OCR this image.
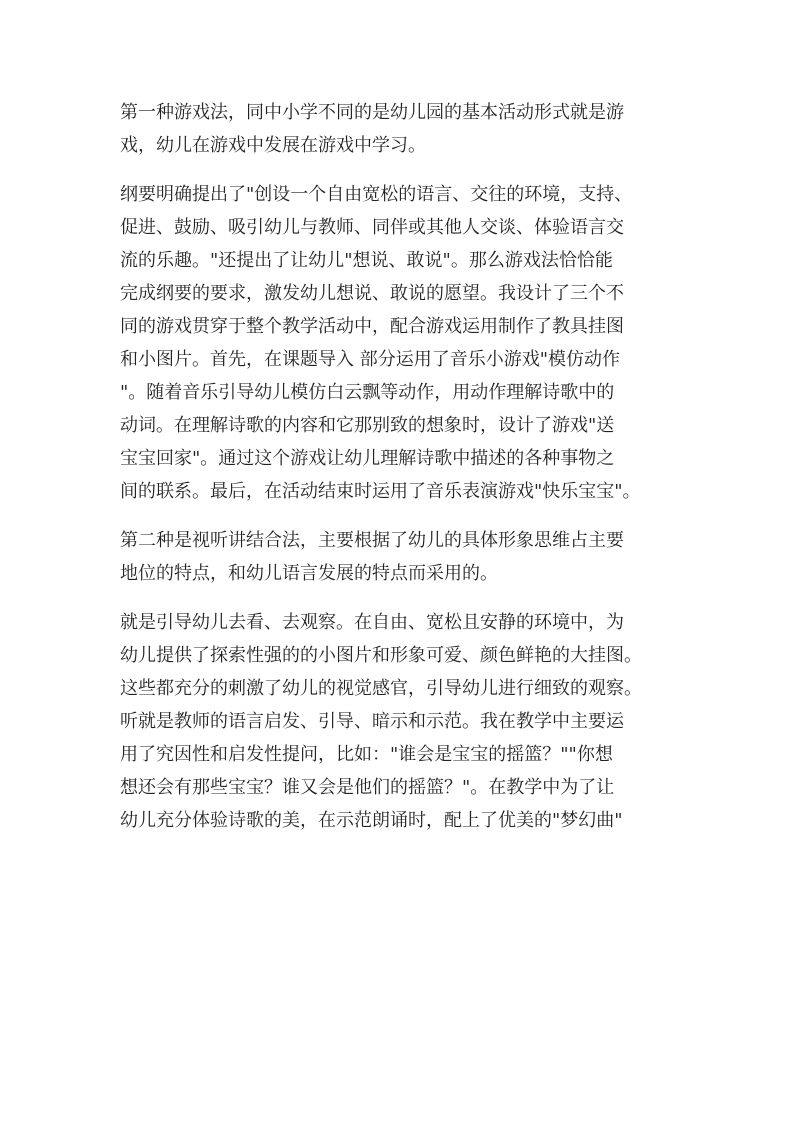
第一种游戏法，同中小学不同的是幼儿园的基本活动形式就是游
戏，幼儿在游戏中发展在游戏中学习。

纲要明确提出了"创设一个自由宽松的语言、交往的环境，支持、
促进、鼓励、吸引幼儿与教师、同伴或其他人交谈、体验语言交
流的乐趣。"还提出了让幼儿"想说、敢说"。那么游戏法恰恰能
完成纲要的要求，激发幼儿想说、敢说的愿望。我设计了三个不
同的游戏贯穿于整个教学活动中，配合游戏运用制作了教具挂图
和小图片。首先，在课题导入 部分运用了音乐小游戏"模仿动作
"。随着音乐引导幼儿模仿白云飘等动作，用动作理解诗歌中的
动词。在理解诗歌的内容和它那别致的想象时，设计了游戏"送
宝宝回家"。通过这个游戏让幼儿理解诗歌中描述的各种事物之
间的联系。最后，在活动结束时运用了音乐表演游戏"快乐宝宝"。

第二种是视听讲结合法，主要根据了幼儿的具体形象思维占主要
地位的特点，和幼儿语言发展的特点而采用的。

就是引导幼儿去看、去观察。在自由、宽松且安静的环境中，为
幼儿提供了探索性强的的小图片和形象可爱、颜色鲜艳的大挂图。
这些都充分的刺激了幼儿的视觉感官，引导幼儿进行细致的观察。
听就是教师的语言启发、引导、暗示和示范。我在教学中主要运
用了究因性和启发性提问，比如："谁会是宝宝的摇篮？""你想
想还会有那些宝宝？谁又会是他们的摇篮？"。在教学中为了让
幼儿充分体验诗歌的美，在示范朗诵时，配上了优美的"梦幻曲"
